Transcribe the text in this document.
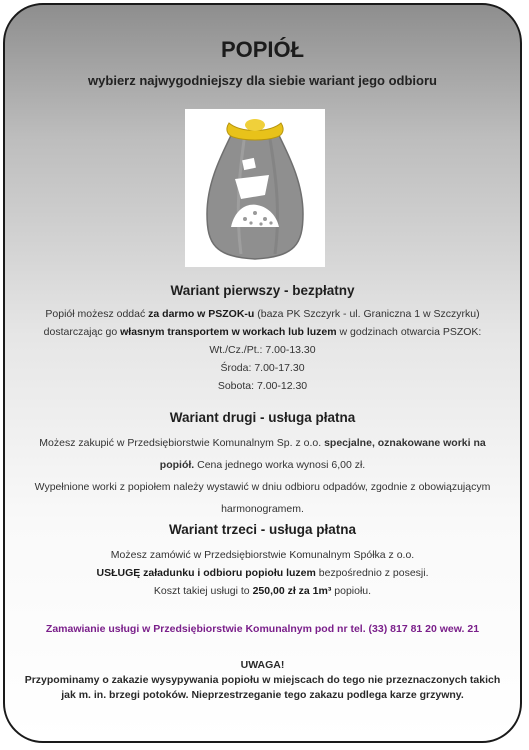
POPIÓŁ
wybierz najwygodniejszy dla siebie wariant jego odbioru
Wariant pierwszy - bezpłatny
Popiół możesz oddać za darmo w PSZOK-u (baza PK Szczyrk - ul. Graniczna 1 w Szczyrku)
dostarczając go własnym transportem w workach lub luzem w godzinach otwarcia PSZOK:
Wt./Cz./Pt.: 7.00-13.30
Środa: 7.00-17.30
Sobota: 7.00-12.30
Wariant drugi - usługa płatna
Możesz zakupić w Przedsiębiorstwie Komunalnym Sp. z o.o. specjalne, oznakowane worki na
popiół. Cena jednego worka wynosi 6,00 zł.
Wypełnione worki z popiołem należy wystawić w dniu odbioru odpadów, zgodnie z obowiązującym
harmonogramem.
Wariant trzeci - usługa płatna
Możesz zamówić w Przedsiębiorstwie Komunalnym Spółka z o.o.
USŁUGĘ załadunku i odbioru popiołu luzem bezpośrednio z posesji.
Koszt takiej usługi to 250,00 zł za 1m³ popiołu.
Zamawianie usługi w Przedsiębiorstwie Komunalnym pod nr tel. (33) 817 81 20 wew. 21
UWAGA!
Przypominamy o zakazie wysypywania popiołu w miejscach do tego nie przeznaczonych takich
jak m. in. brzegi potoków. Nieprzestrzeganie tego zakazu podlega karze grzywny.
